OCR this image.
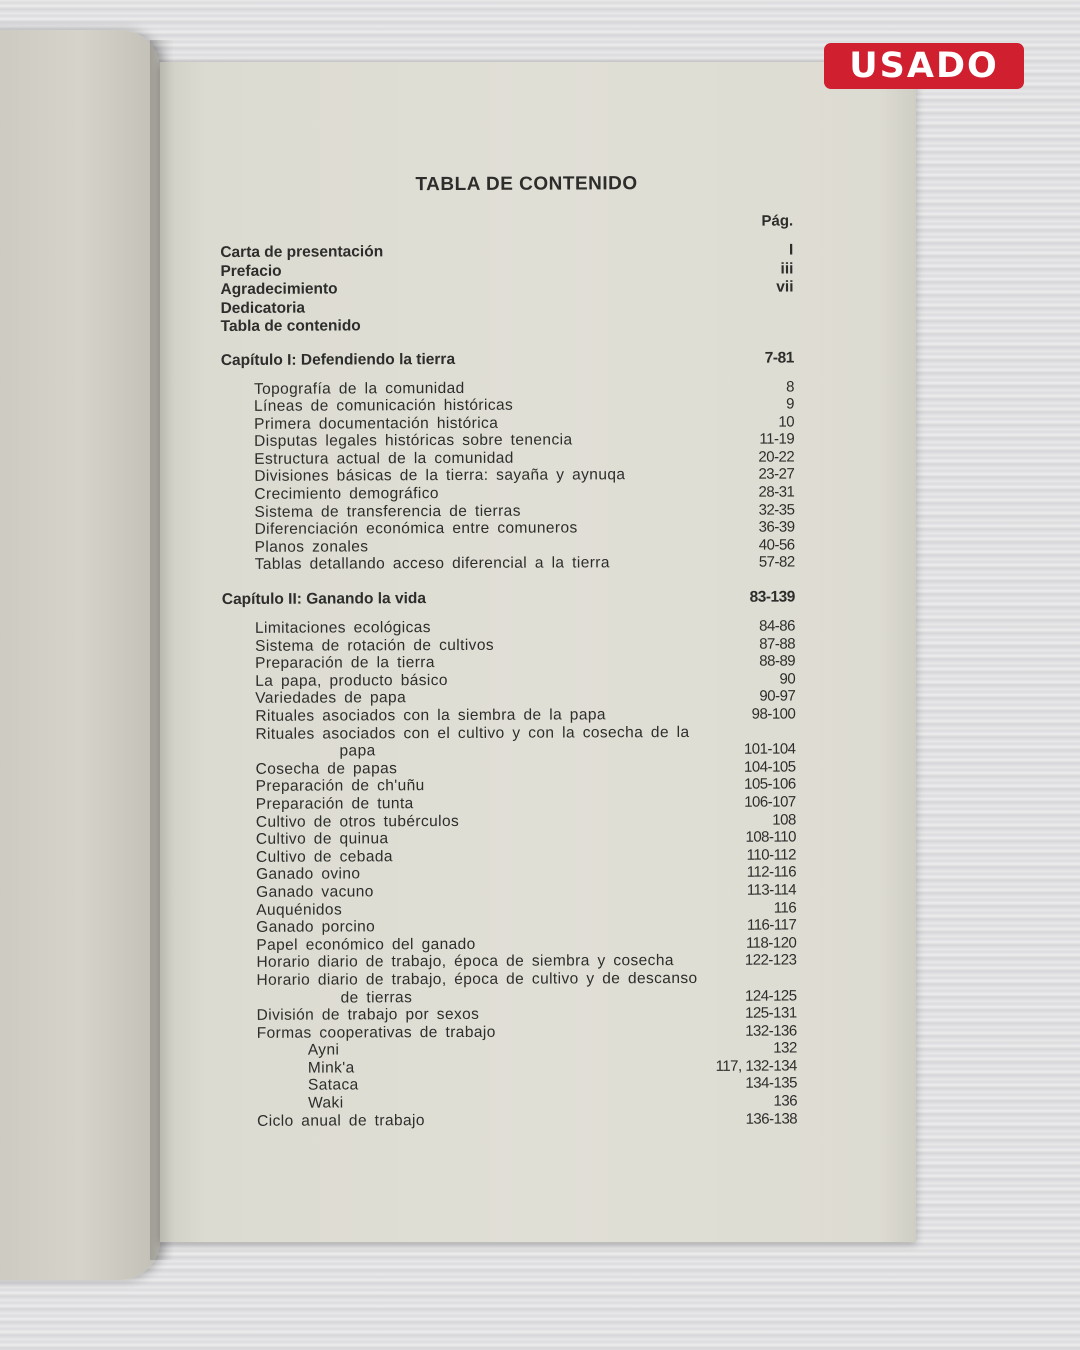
USADO
TABLA DE CONTENIDO
Pág.
Carta de presentación	I
Prefacio	iii
Agradecimiento	vii
Dedicatoria
Tabla de contenido
Capítulo I: Defendiendo la tierra	7-81
Topografía de la comunidad	8
Líneas de comunicación históricas	9
Primera documentación histórica	10
Disputas legales históricas sobre tenencia	11-19
Estructura actual de la comunidad	20-22
Divisiones básicas de la tierra: sayaña y aynuqa	23-27
Crecimiento demográfico	28-31
Sistema de transferencia de tierras	32-35
Diferenciación económica entre comuneros	36-39
Planos zonales	40-56
Tablas detallando acceso diferencial a la tierra	57-82
Capítulo II: Ganando la vida	83-139
Limitaciones ecológicas	84-86
Sistema de rotación de cultivos	87-88
Preparación de la tierra	88-89
La papa, producto básico	90
Variedades de papa	90-97
Rituales asociados con la siembra de la papa	98-100
Rituales asociados con el cultivo y con la cosecha de la
papa	101-104
Cosecha de papas	104-105
Preparación de ch'uñu	105-106
Preparación de tunta	106-107
Cultivo de otros tubérculos	108
Cultivo de quinua	108-110
Cultivo de cebada	110-112
Ganado ovino	112-116
Ganado vacuno	113-114
Auquénidos	116
Ganado porcino	116-117
Papel económico del ganado	118-120
Horario diario de trabajo, época de siembra y cosecha	122-123
Horario diario de trabajo, época de cultivo y de descanso
de tierras	124-125
División de trabajo por sexos	125-131
Formas cooperativas de trabajo	132-136
Ayni	132
Mink'a	117, 132-134
Sataca	134-135
Waki	136
Ciclo anual de trabajo	136-138
